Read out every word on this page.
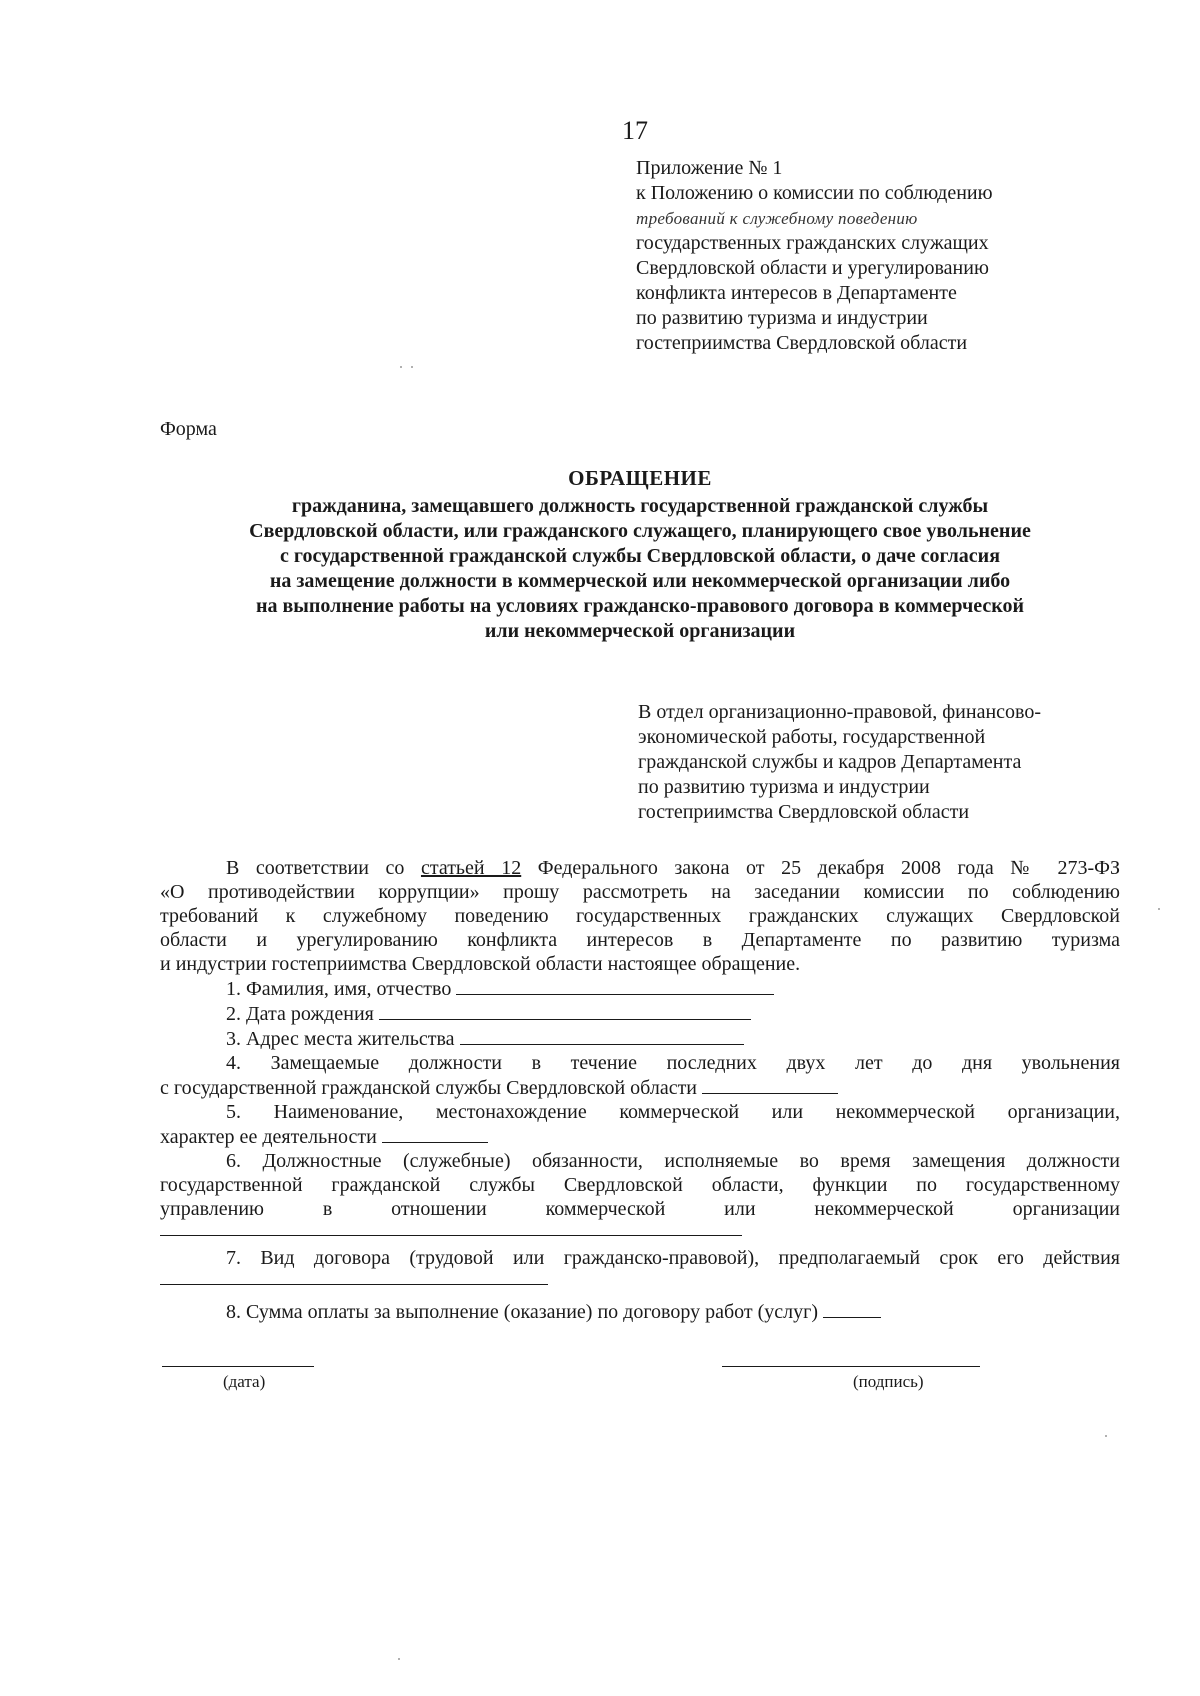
17
Приложение № 1
к Положению о комиссии по соблюдению
требований к служебному поведению
государственных гражданских служащих
Свердловской области и урегулированию
конфликта интересов в Департаменте
по развитию туризма и индустрии
гостеприимства Свердловской области
Форма
ОБРАЩЕНИЕ
гражданина, замещавшего должность государственной гражданской службы
Свердловской области, или гражданского служащего, планирующего свое увольнение
с государственной гражданской службы Свердловской области, о даче согласия
на замещение должности в коммерческой или некоммерческой организации либо
на выполнение работы на условиях гражданско-правового договора в коммерческой
или некоммерческой организации
В отдел организационно-правовой, финансово-
экономической работы, государственной
гражданской службы и кадров Департамента
по развитию туризма и индустрии
гостеприимства Свердловской области
В соответствии со статьей 12 Федерального закона от 25 декабря 2008 года № 273-ФЗ
«О противодействии коррупции» прошу рассмотреть на заседании комиссии по соблюдению
требований к служебному поведению государственных гражданских служащих Свердловской
области и урегулированию конфликта интересов в Департаменте по развитию туризма
и индустрии гостеприимства Свердловской области настоящее обращение.
1. Фамилия, имя, отчество
2. Дата рождения
3. Адрес места жительства
4. Замещаемые должности в течение последних двух лет до дня увольнения
с государственной гражданской службы Свердловской области
5. Наименование, местонахождение коммерческой или некоммерческой организации,
характер ее деятельности
6. Должностные (служебные) обязанности, исполняемые во время замещения должности
государственной гражданской службы Свердловской области, функции по государственному
управлению в отношении коммерческой или некоммерческой организации
7. Вид договора (трудовой или гражданско-правовой), предполагаемый срок его действия
8. Сумма оплаты за выполнение (оказание) по договору работ (услуг)
(дата)	(подпись)
